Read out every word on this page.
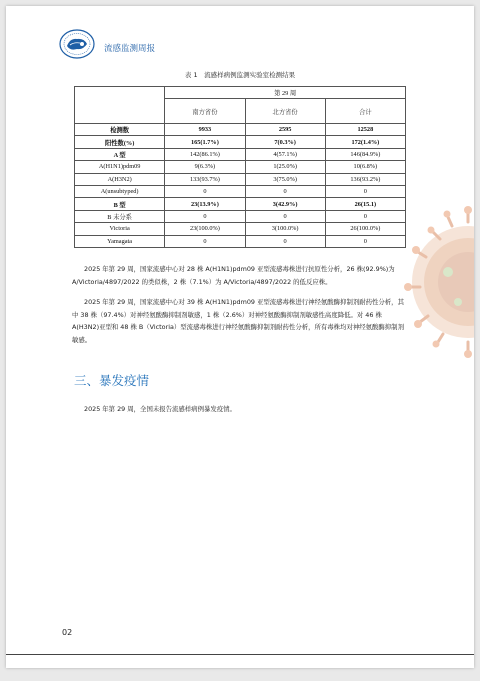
流感监测周报
表 1　流感样病例监测实验室检测结果
	第 29 周		
	南方省份	北方省份	合计
检测数	9933	2595	12528
阳性数(%)	165(1.7%)	7(0.3%)	172(1.4%)
A 型	142(86.1%)	4(57.1%)	146(84.9%)
A(H1N1)pdm09	9(6.3%)	1(25.0%)	10(6.8%)
A(H3N2)	133(93.7%)	3(75.0%)	136(93.2%)
A(unsubtyped)	0	0	0
B 型	23(13.9%)	3(42.9%)	26(15.1)
B 未分系	0	0	0
Victoria	23(100.0%)	3(100.0%)	26(100.0%)
Yamagata	0	0	0

2025 年第 29 周，国家流感中心对 28 株 A(H1N1)pdm09 亚型流感毒株进行抗原性分析，26 株(92.9%)为 A/Victoria/4897/2022 的类似株，2 株（7.1%）为 A/Victoria/4897/2022 的低反应株。

2025 年第 29 周，国家流感中心对 39 株 A(H1N1)pdm09 亚型流感毒株进行神经氨酸酶抑制剂耐药性分析，其中 38 株（97.4%）对神经氨酸酶抑制剂敏感，1 株（2.6%）对神经氨酸酶抑制剂敏感性高度降低。对 46 株 A(H3N2)亚型和 48 株 B（Victoria）型流感毒株进行神经氨酸酶抑制剂耐药性分析，所有毒株均对神经氨酸酶抑制剂敏感。

三、暴发疫情

2025 年第 29 周，全国未报告流感样病例暴发疫情。

02
